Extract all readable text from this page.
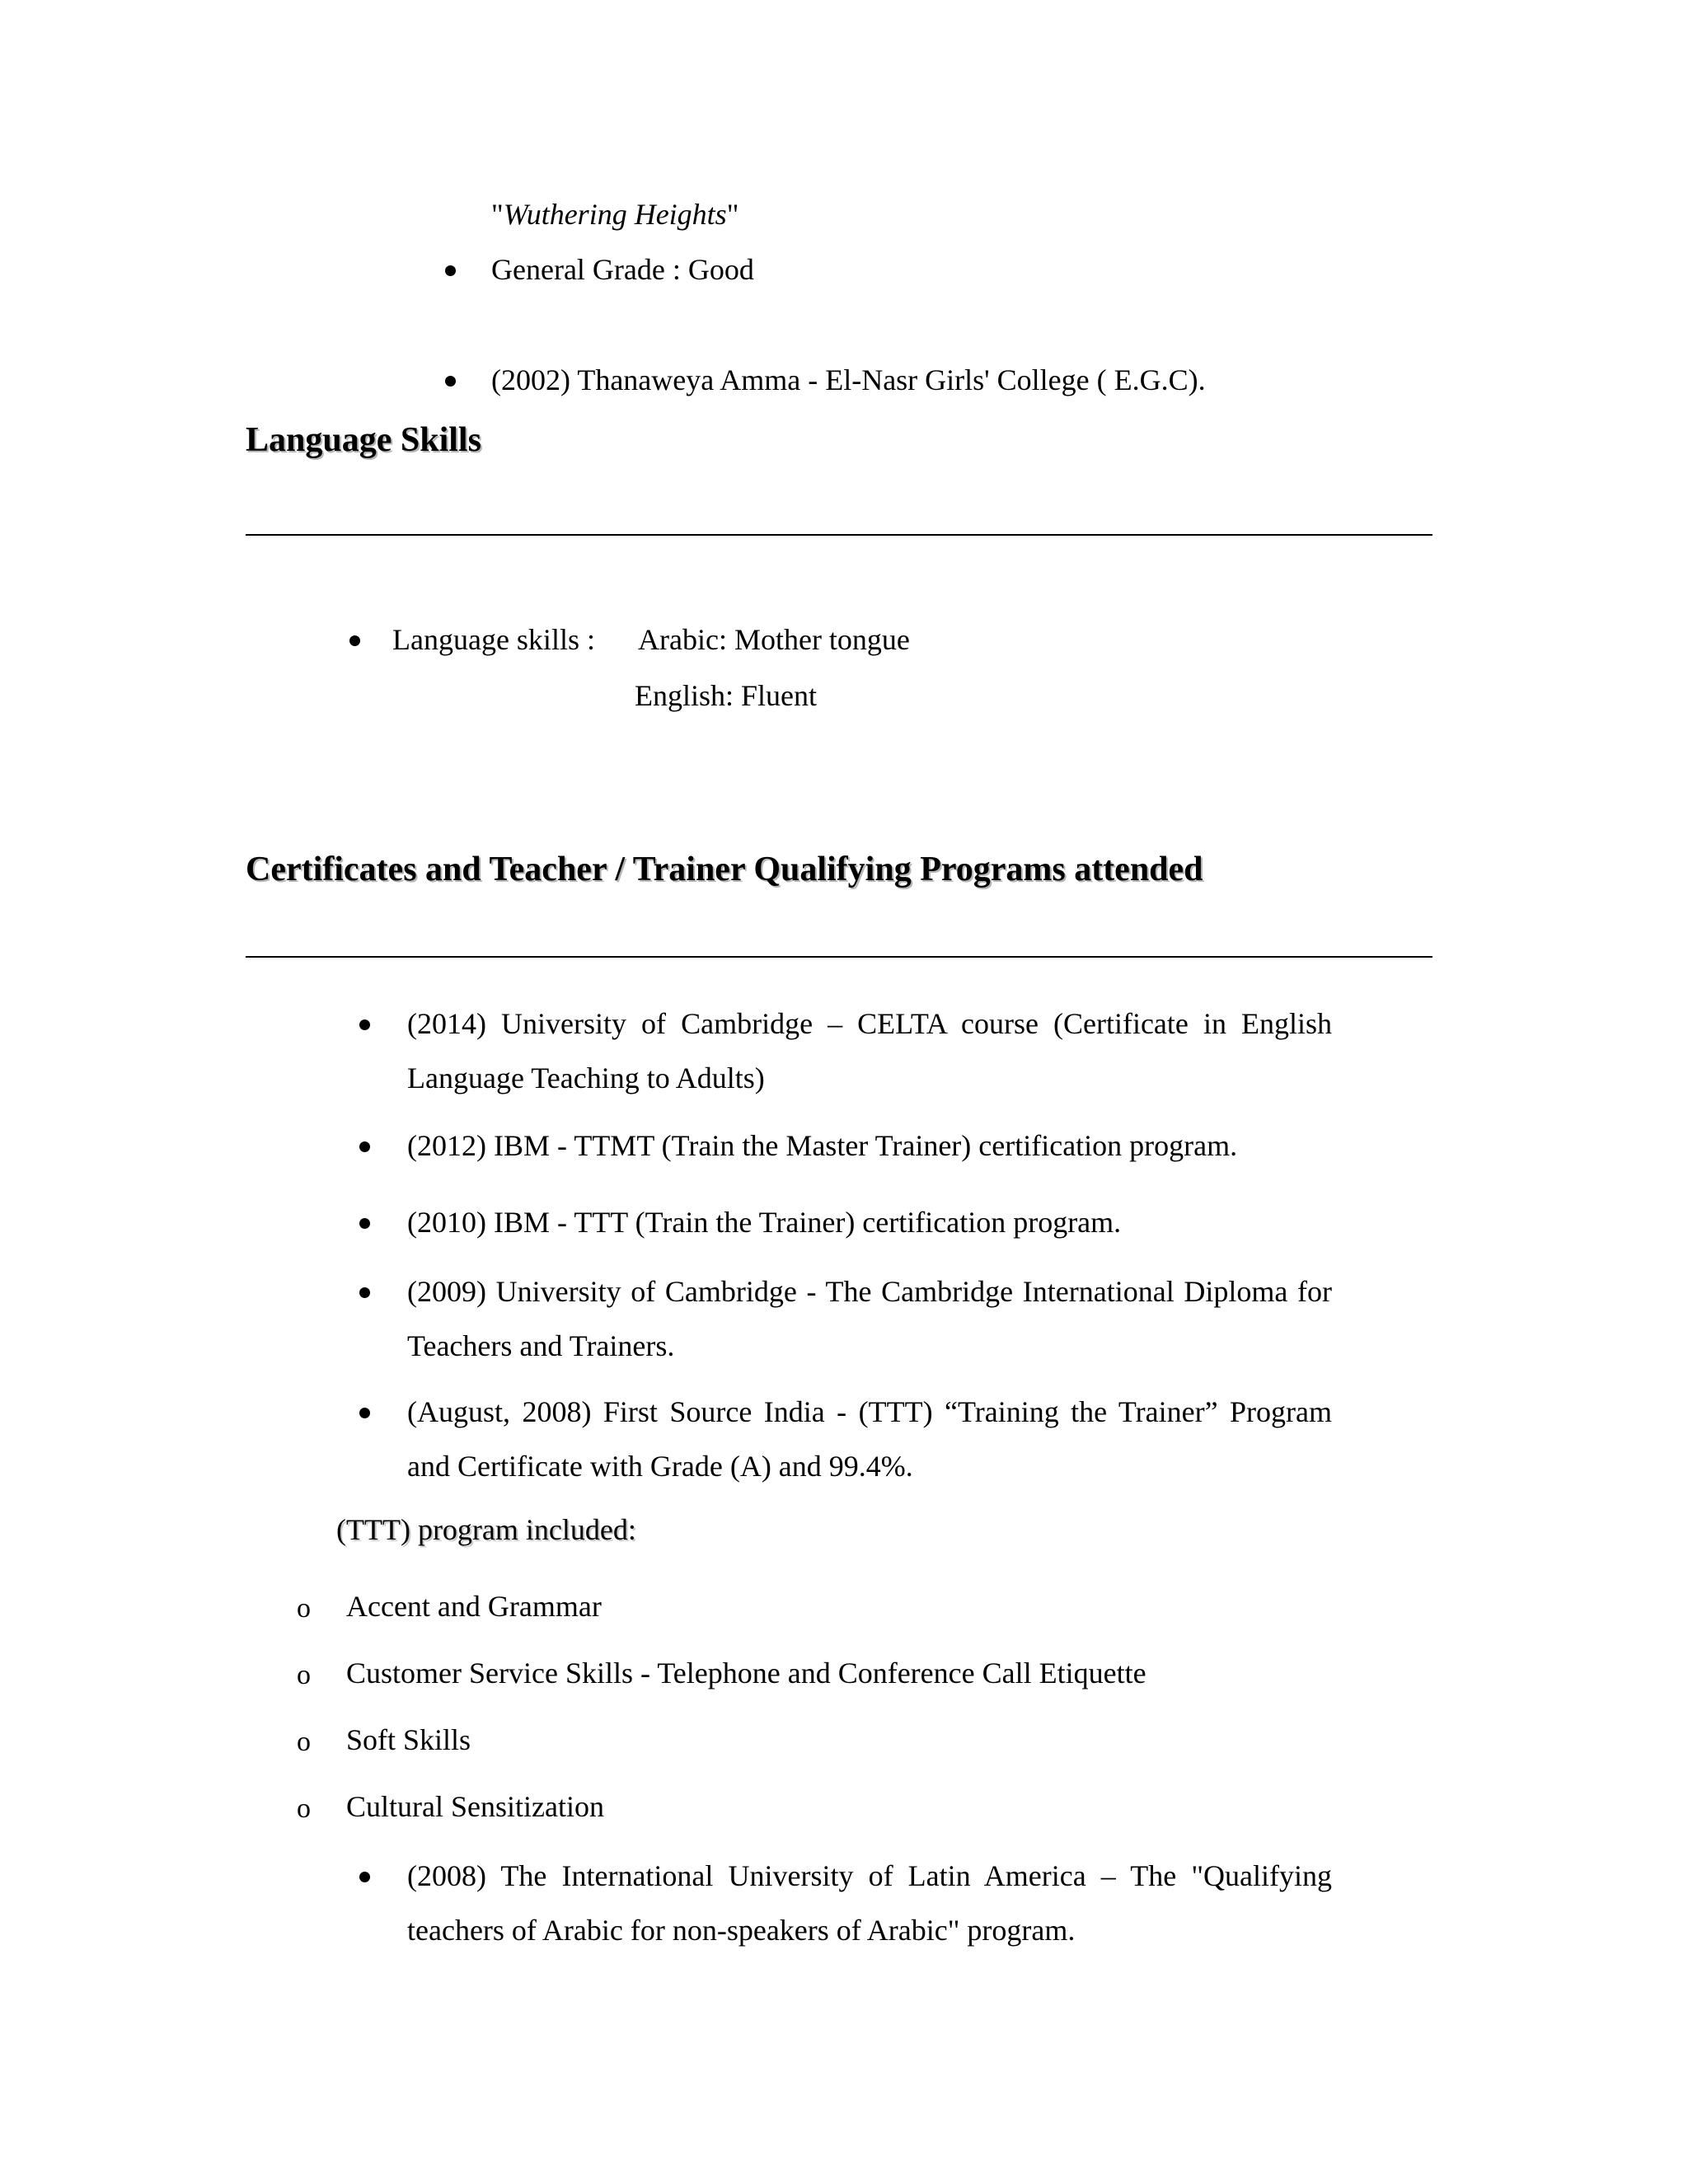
"Wuthering Heights"
General Grade : Good
(2002) Thanaweya Amma - El-Nasr Girls' College ( E.G.C).
Language Skills
Language skills : Arabic: Mother tongue
English: Fluent
Certificates and Teacher / Trainer Qualifying Programs attended
(2014) University of Cambridge – CELTA course (Certificate in English
Language Teaching to Adults)
(2012) IBM - TTMT (Train the Master Trainer) certification program.
(2010) IBM - TTT (Train the Trainer) certification program.
(2009) University of Cambridge - The Cambridge International Diploma for
Teachers and Trainers.
(August, 2008) First Source India - (TTT) “Training the Trainer” Program
and Certificate with Grade (A) and 99.4%.
(TTT) program included:
o Accent and Grammar
o Customer Service Skills - Telephone and Conference Call Etiquette
o Soft Skills
o Cultural Sensitization
(2008) The International University of Latin America – The "Qualifying
teachers of Arabic for non-speakers of Arabic" program.
